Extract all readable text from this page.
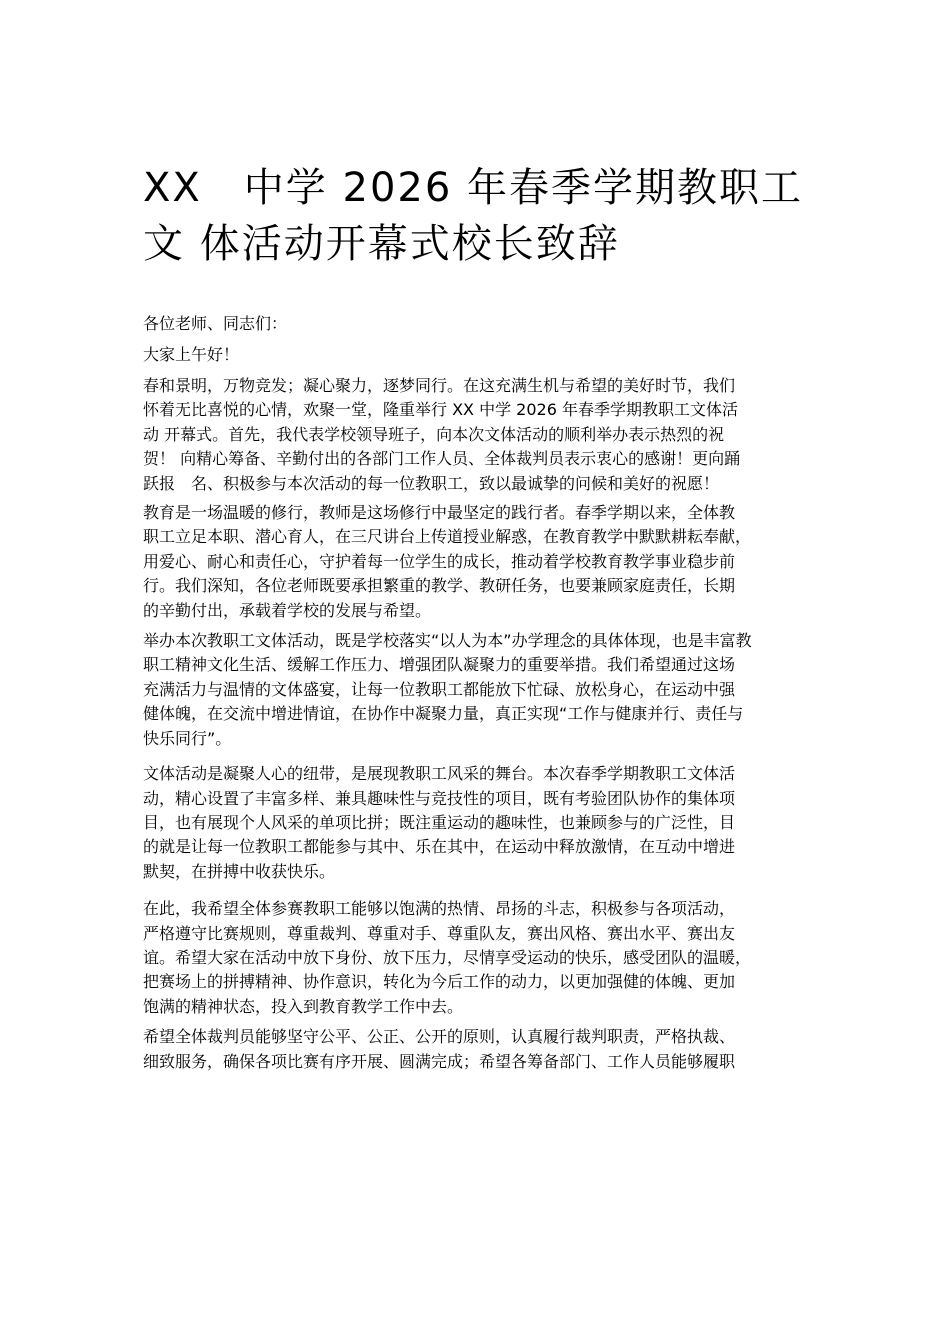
XX　中学 2026 年春季学期教职工
文 体活动开幕式校长致辞

各位老师、同志们：

大家上午好！

春和景明，万物竞发；凝心聚力，逐梦同行。在这充满生机与希望的美好时节，我们
怀着无比喜悦的心情，欢聚一堂，隆重举行 XX 中学 2026 年春季学期教职工文体活
动 开幕式。首先，我代表学校领导班子，向本次文体活动的顺利举办表示热烈的祝
贺！ 向精心筹备、辛勤付出的各部门工作人员、全体裁判员表示衷心的感谢！更向踊
跃报　名、积极参与本次活动的每一位教职工，致以最诚挚的问候和美好的祝愿！

教育是一场温暖的修行，教师是这场修行中最坚定的践行者。春季学期以来，全体教
职工立足本职、潜心育人，在三尺讲台上传道授业解惑，在教育教学中默默耕耘奉献，
用爱心、耐心和责任心，守护着每一位学生的成长，推动着学校教育教学事业稳步前
行。我们深知，各位老师既要承担繁重的教学、教研任务，也要兼顾家庭责任，长期
的辛勤付出，承载着学校的发展与希望。

举办本次教职工文体活动，既是学校落实“以人为本”办学理念的具体体现，也是丰富教
职工精神文化生活、缓解工作压力、增强团队凝聚力的重要举措。我们希望通过这场
充满活力与温情的文体盛宴，让每一位教职工都能放下忙碌、放松身心，在运动中强
健体魄，在交流中增进情谊，在协作中凝聚力量，真正实现“工作与健康并行、责任与
快乐同行”。

文体活动是凝聚人心的纽带，是展现教职工风采的舞台。本次春季学期教职工文体活
动，精心设置了丰富多样、兼具趣味性与竞技性的项目，既有考验团队协作的集体项
目，也有展现个人风采的单项比拼；既注重运动的趣味性，也兼顾参与的广泛性，目
的就是让每一位教职工都能参与其中、乐在其中，在运动中释放激情，在互动中增进
默契，在拼搏中收获快乐。

在此，我希望全体参赛教职工能够以饱满的热情、昂扬的斗志，积极参与各项活动，
严格遵守比赛规则，尊重裁判、尊重对手、尊重队友，赛出风格、赛出水平、赛出友
谊。希望大家在活动中放下身份、放下压力，尽情享受运动的快乐，感受团队的温暖，
把赛场上的拼搏精神、协作意识，转化为今后工作的动力，以更加强健的体魄、更加
饱满的精神状态，投入到教育教学工作中去。

希望全体裁判员能够坚守公平、公正、公开的原则，认真履行裁判职责，严格执裁、
细致服务，确保各项比赛有序开展、圆满完成；希望各筹备部门、工作人员能够履职
